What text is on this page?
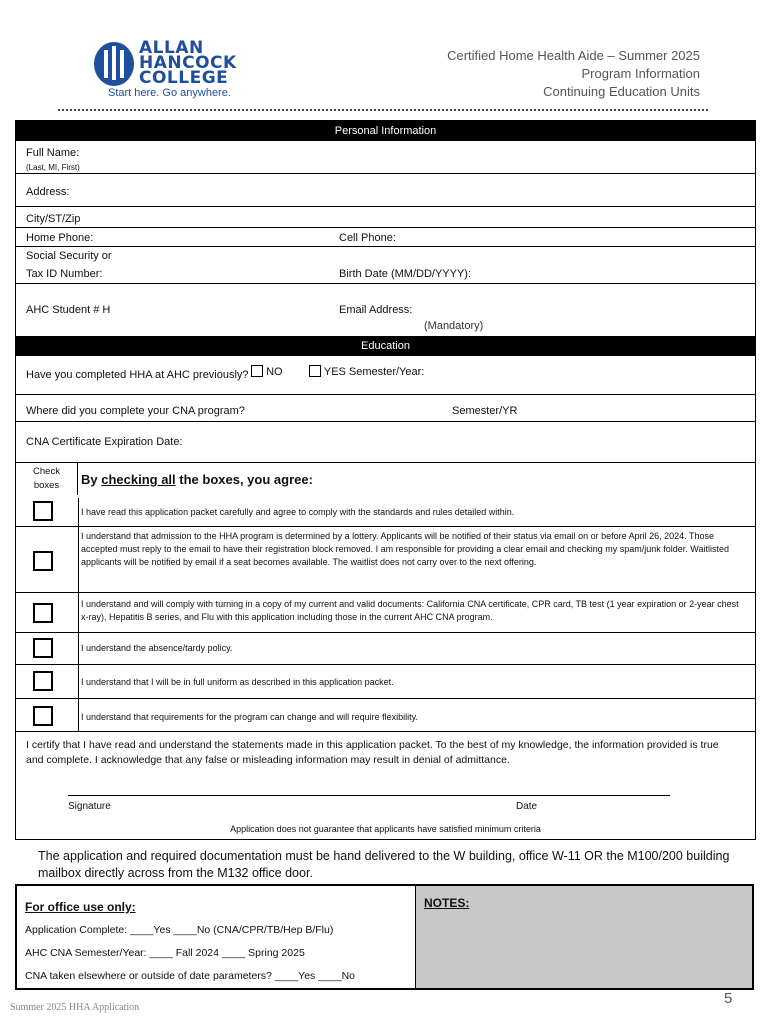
ALLAN
HANCOCK
COLLEGE
Start here. Go anywhere.
Certified Home Health Aide – Summer 2025
Program Information
Continuing Education Units
Personal Information
Full Name:
(Last, MI, First)
Address:
City/ST/Zip
Home Phone:	Cell Phone:
Social Security or
Tax ID Number:	Birth Date (MM/DD/YYYY):
AHC Student # H	Email Address:
(Mandatory)
Education
Have you completed HHA at AHC previously?	NO	YES Semester/Year:
Where did you complete your CNA program?	Semester/YR
CNA Certificate Expiration Date:
Check
boxes	By checking all the boxes, you agree:
I have read this application packet carefully and agree to comply with the standards and rules detailed within.
I understand that admission to the HHA program is determined by a lottery. Applicants will be notified of their status via email on or before April 26, 2024. Those accepted must reply to the email to have their registration block removed. I am responsible for providing a clear email and checking my spam/junk folder. Waitlisted applicants will be notified by email if a seat becomes available. The waitlist does not carry over to the next offering.
I understand and will comply with turning in a copy of my current and valid documents: California CNA certificate, CPR card, TB test (1 year expiration or 2-year chest x-ray), Hepatitis B series, and Flu with this application including those in the current AHC CNA program.
I understand the absence/tardy policy.
I understand that I will be in full uniform as described in this application packet.
I understand that requirements for the program can change and will require flexibility.
I certify that I have read and understand the statements made in this application packet. To the best of my knowledge, the information provided is true and complete. I acknowledge that any false or misleading information may result in denial of admittance.
Signature	Date
Application does not guarantee that applicants have satisfied minimum criteria
The application and required documentation must be hand delivered to the W building, office W-11 OR the M100/200 building mailbox directly across from the M132 office door.
NOTES:
For office use only:
Application Complete: ____Yes ____No (CNA/CPR/TB/Hep B/Flu)
AHC CNA Semester/Year: ____ Fall 2024 ____ Spring 2025
CNA taken elsewhere or outside of date parameters? ____Yes ____No
Summer 2025 HHA Application
5
